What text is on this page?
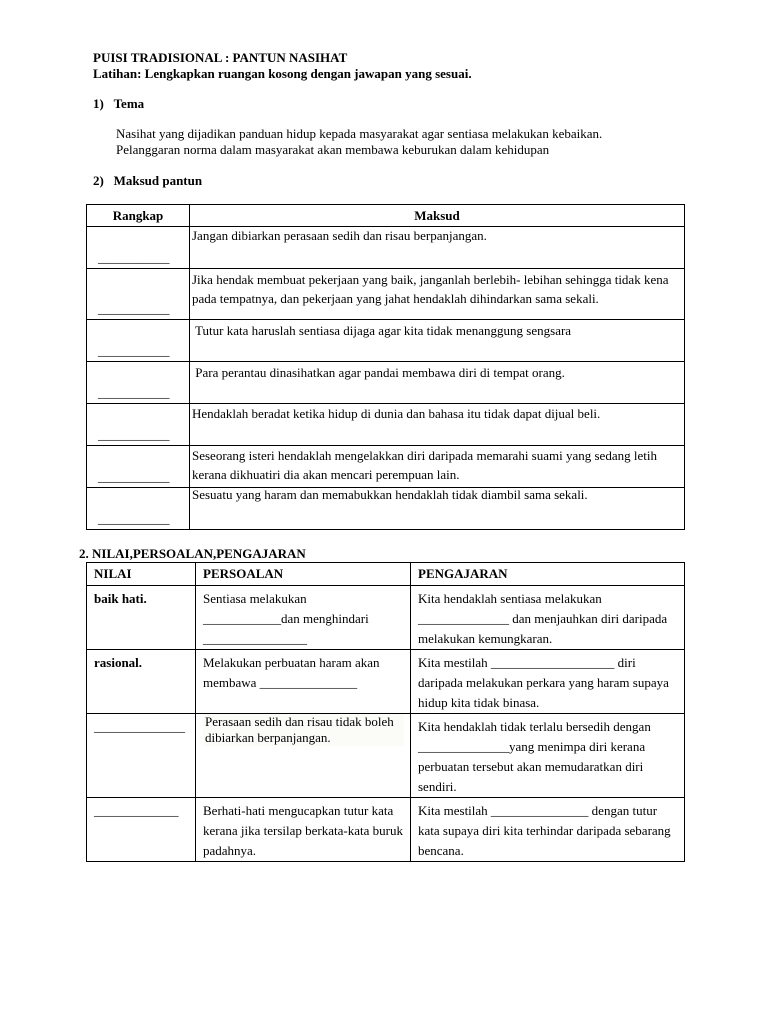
PUISI TRADISIONAL : PANTUN NASIHAT
Latihan: Lengkapkan ruangan kosong dengan jawapan yang sesuai.
1)   Tema
Nasihat yang dijadikan panduan hidup kepada masyarakat agar sentiasa melakukan kebaikan.
Pelanggaran norma dalam masyarakat akan membawa keburukan dalam kehidupan
2)   Maksud pantun
Rangkap	Maksud

___________	Jangan dibiarkan perasaan sedih dan risau berpanjangan.

___________	Jika hendak membuat pekerjaan yang baik, janganlah berlebih- lebihan sehingga tidak kena pada tempatnya, dan pekerjaan yang jahat hendaklah dihindarkan sama sekali.

___________	Tutur kata haruslah sentiasa dijaga agar kita tidak menanggung sengsara

___________	Para perantau dinasihatkan agar pandai membawa diri di tempat orang.

___________	Hendaklah beradat ketika hidup di dunia dan bahasa itu tidak dapat dijual beli.

___________	Seseorang isteri hendaklah mengelakkan diri daripada memarahi suami yang sedang letih kerana dikhuatiri dia akan mencari perempuan lain.

___________	Sesuatu yang haram dan memabukkan hendaklah tidak diambil sama sekali.
2. NILAI,PERSOALAN,PENGAJARAN
NILAI	PERSOALAN	PENGAJARAN
baik hati.	Sentiasa melakukan ____________dan menghindari ________________	Kita hendaklah sentiasa melakukan ______________ dan menjauhkan diri daripada melakukan kemungkaran.
rasional.	Melakukan perbuatan haram akan membawa _______________	Kita mestilah ___________________ diri daripada melakukan perkara yang haram supaya hidup kita tidak binasa.
______________	Perasaan sedih dan risau tidak boleh dibiarkan berpanjangan.	Kita hendaklah tidak terlalu bersedih dengan ______________yang menimpa diri kerana perbuatan tersebut akan memudaratkan diri sendiri.
_____________	Berhati-hati mengucapkan tutur kata kerana jika tersilap berkata-kata buruk padahnya.	Kita mestilah _______________ dengan tutur kata supaya diri kita terhindar daripada sebarang bencana.
